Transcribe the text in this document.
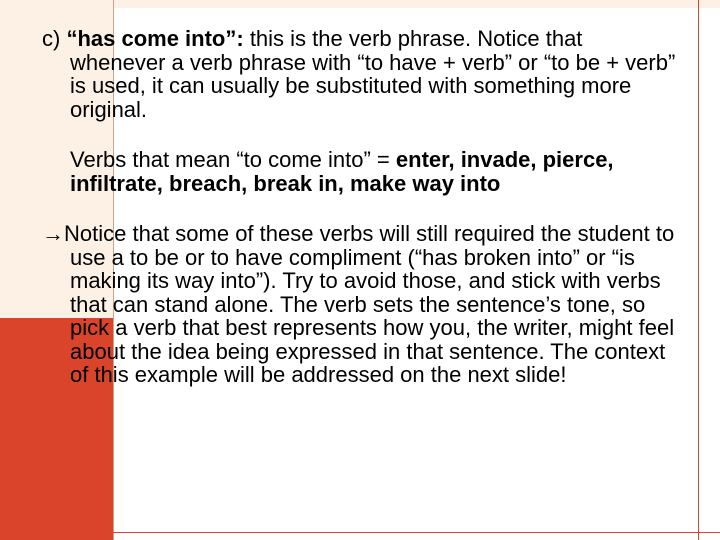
c) “has come into”: this is the verb phrase. Notice that whenever a verb phrase with “to have + verb” or “to be + verb” is used, it can usually be substituted with something more original.

Verbs that mean “to come into” = enter, invade, pierce, infiltrate, breach, break in, make way into

→Notice that some of these verbs will still required the student to use a to be or to have compliment (“has broken into” or “is making its way into”). Try to avoid those, and stick with verbs that can stand alone. The verb sets the sentence’s tone, so pick a verb that best represents how you, the writer, might feel about the idea being expressed in that sentence. The context of this example will be addressed on the next slide!
